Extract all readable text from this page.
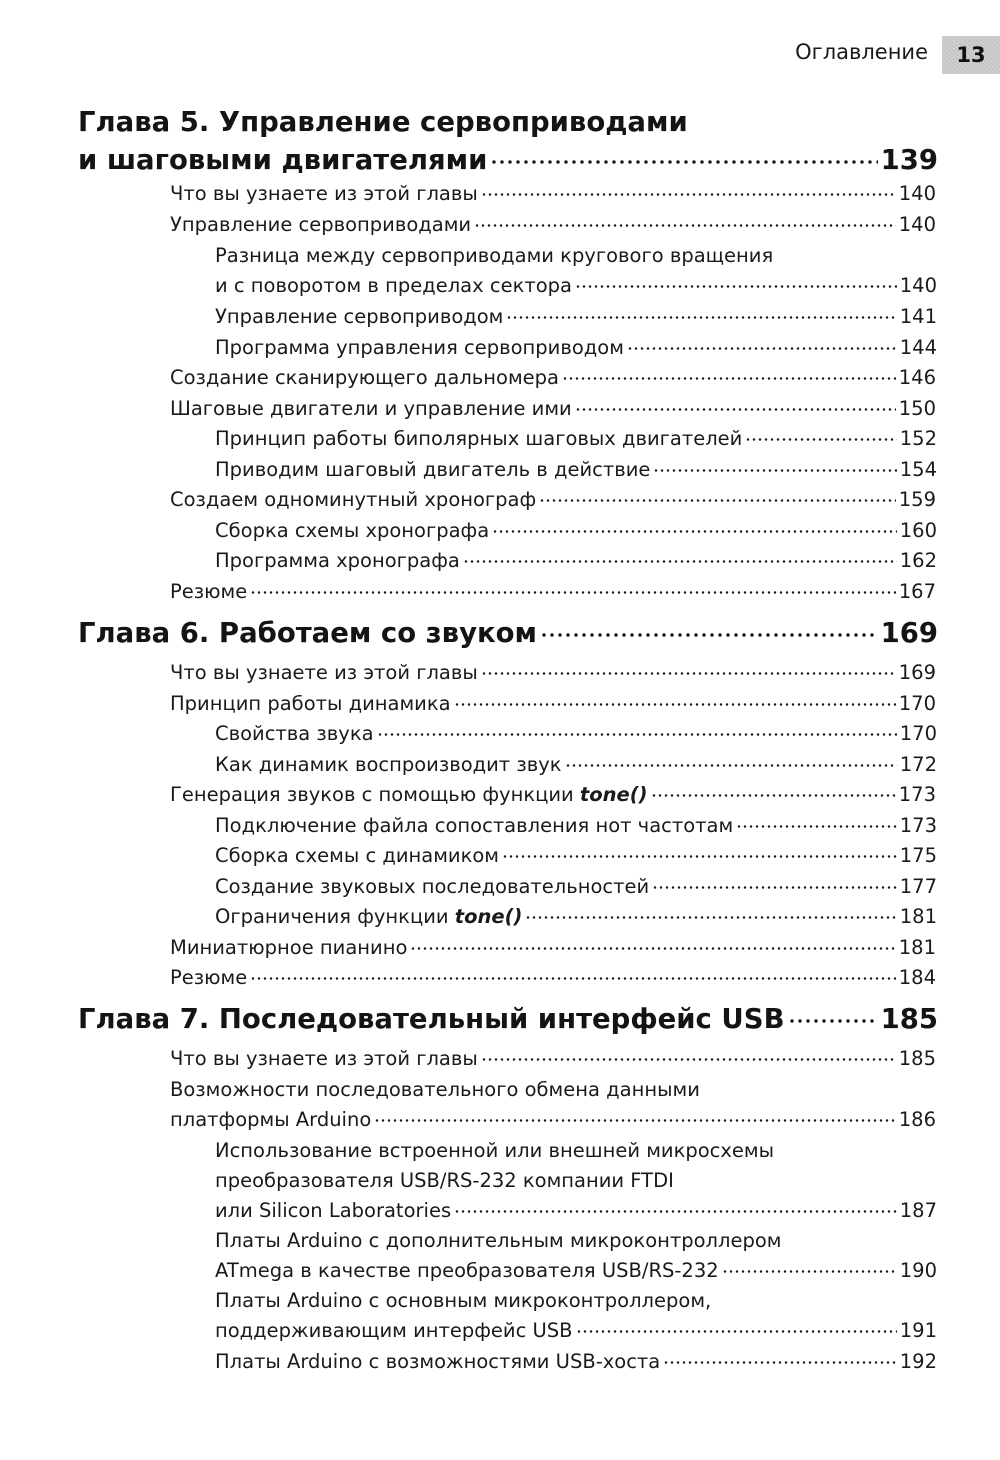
Оглавление 13
Глава 5. Управление сервоприводами
и шаговыми двигателями	139
Что вы узнаете из этой главы	140
Управление сервоприводами	140
Разница между сервоприводами кругового вращения
и с поворотом в пределах сектора	140
Управление сервоприводом	141
Программа управления сервоприводом	144
Создание сканирующего дальномера	146
Шаговые двигатели и управление ими	150
Принцип работы биполярных шаговых двигателей	152
Приводим шаговый двигатель в действие	154
Создаем одноминутный хронограф	159
Сборка схемы хронографа	160
Программа хронографа	162
Резюме	167
Глава 6. Работаем со звуком	169
Что вы узнаете из этой главы	169
Принцип работы динамика	170
Свойства звука	170
Как динамик воспроизводит звук	172
Генерация звуков с помощью функции tone()	173
Подключение файла сопоставления нот частотам	173
Сборка схемы с динамиком	175
Создание звуковых последовательностей	177
Ограничения функции tone()	181
Миниатюрное пианино	181
Резюме	184
Глава 7. Последовательный интерфейс USB	185
Что вы узнаете из этой главы	185
Возможности последовательного обмена данными
платформы Arduino	186
Использование встроенной или внешней микросхемы
преобразователя USB/RS-232 компании FTDI
или Silicon Laboratories	187
Платы Arduino с дополнительным микроконтроллером
ATmega в качестве преобразователя USB/RS-232	190
Платы Arduino с основным микроконтроллером,
поддерживающим интерфейс USB	191
Платы Arduino с возможностями USB-хоста	192
